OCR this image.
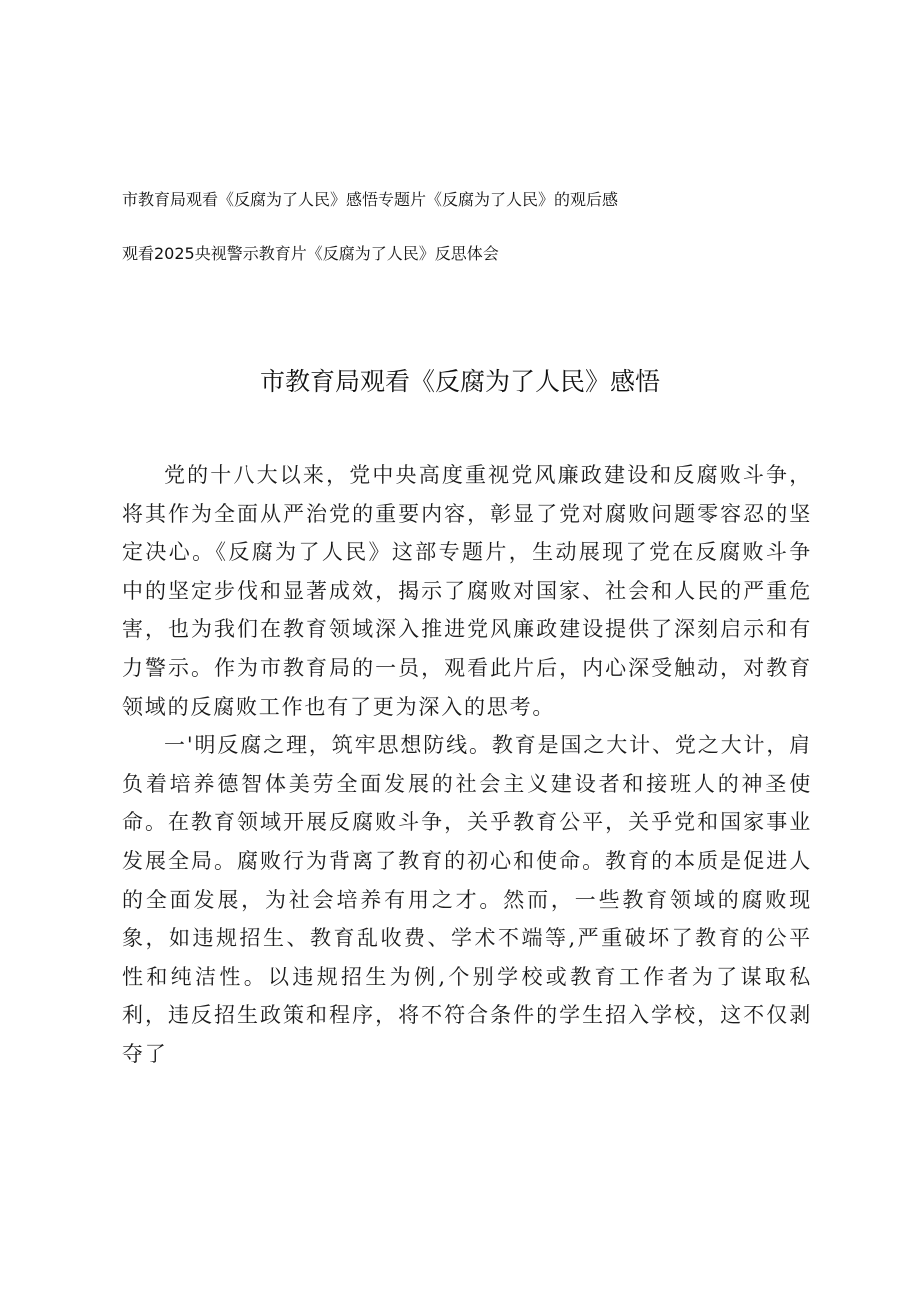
市教育局观看《反腐为了人民》感悟专题片《反腐为了人民》的观后感
观看2025央视警示教育片《反腐为了人民》反思体会
市教育局观看《反腐为了人民》感悟

党的十八大以来，党中央高度重视党风廉政建设和反腐败斗争，将其作为全面从严治党的重要内容，彰显了党对腐败问题零容忍的坚定决心。《反腐为了人民》这部专题片，生动展现了党在反腐败斗争中的坚定步伐和显著成效，揭示了腐败对国家、社会和人民的严重危害，也为我们在教育领域深入推进党风廉政建设提供了深刻启示和有力警示。作为市教育局的一员，观看此片后，内心深受触动，对教育领域的反腐败工作也有了更为深入的思考。

一'明反腐之理，筑牢思想防线。教育是国之大计、党之大计，肩负着培养德智体美劳全面发展的社会主义建设者和接班人的神圣使命。在教育领域开展反腐败斗争，关乎教育公平，关乎党和国家事业发展全局。腐败行为背离了教育的初心和使命。教育的本质是促进人的全面发展，为社会培养有用之才。然而，一些教育领域的腐败现象，如违规招生、教育乱收费、学术不端等,严重破坏了教育的公平性和纯洁性。以违规招生为例,个别学校或教育工作者为了谋取私利，违反招生政策和程序，将不符合条件的学生招入学校，这不仅剥夺了
